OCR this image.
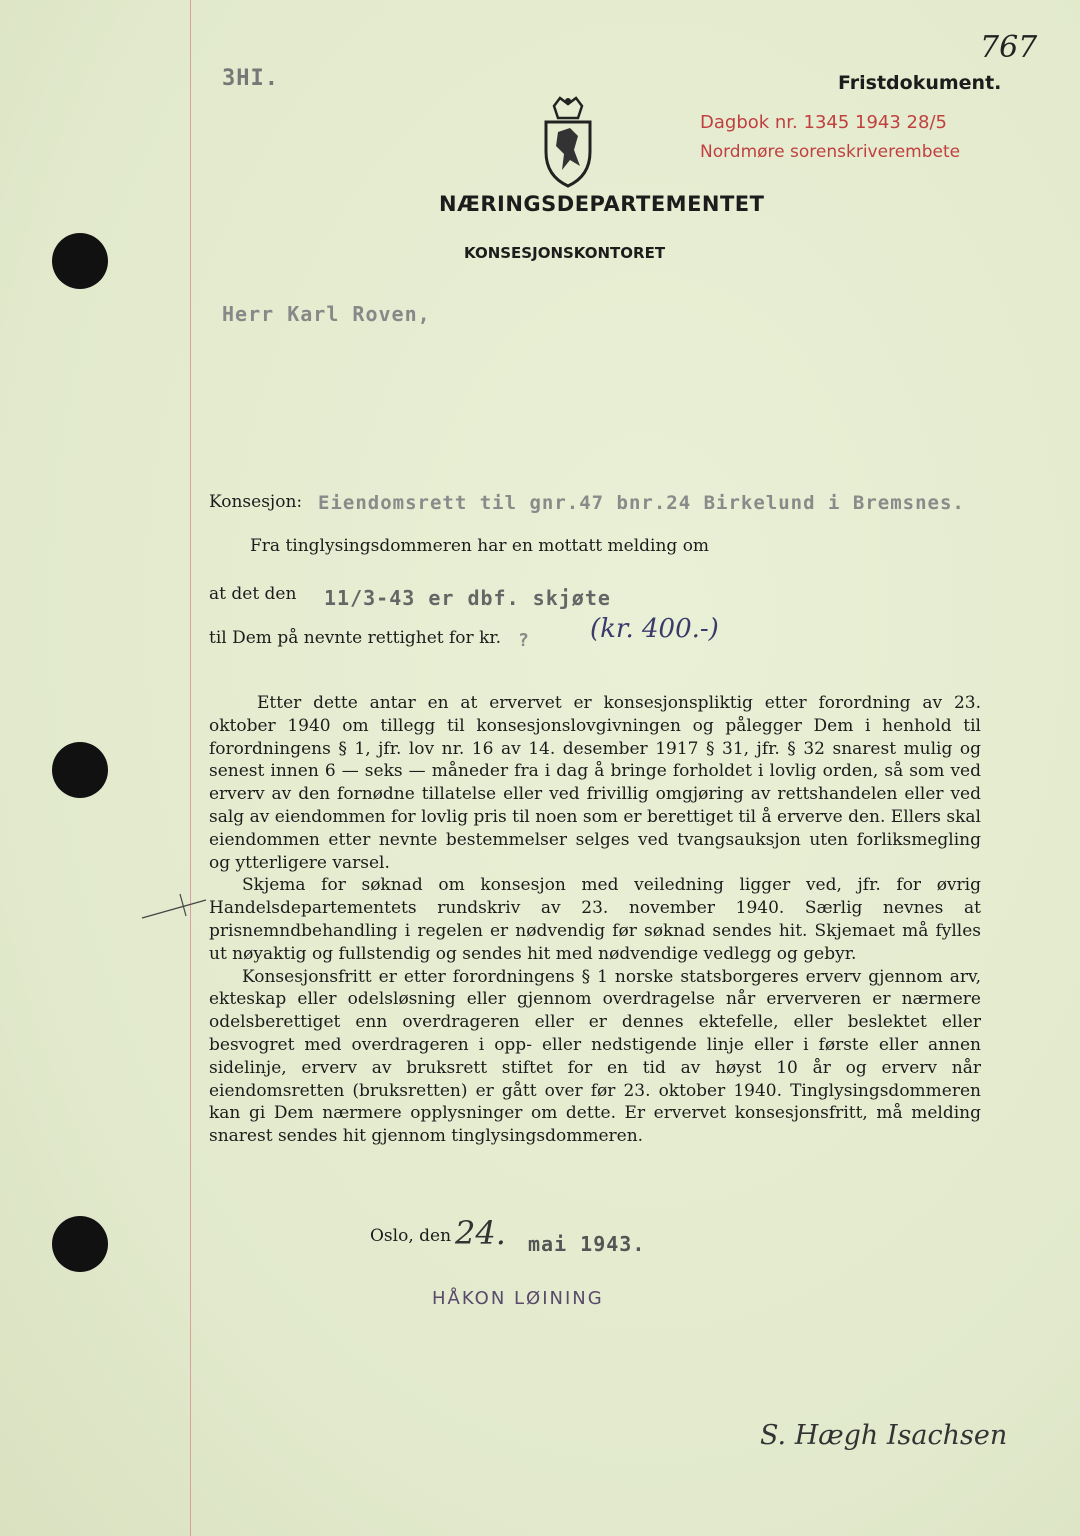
3HI.
767
Fristdokument.
Dagbok nr. 1345 1943 28/5
Nordmøre sorenskriverembete
NÆRINGSDEPARTEMENTET
KONSESJONSKONTORET
Herr Karl Roven,
Konsesjon: Eiendomsrett til gnr.47 bnr.24 Birkelund i Bremsnes.
Fra tinglysingsdommeren har en mottatt melding om
at det den 11/3-43 er dbf. skjøte
til Dem på nevnte rettighet for kr. ? (kr. 400.-)

Etter dette antar en at ervervet er konsesjonspliktig etter forordning av 23. oktober 1940 om tillegg til konsesjonslovgivningen og pålegger Dem i henhold til forordningens § 1, jfr. lov nr. 16 av 14. desember 1917 § 31, jfr. § 32 snarest mulig og senest innen 6 — seks — måneder fra i dag å bringe forholdet i lovlig orden, så som ved erverv av den fornødne tillatelse eller ved frivillig omgjøring av rettshandelen eller ved salg av eiendommen for lovlig pris til noen som er berettiget til å erverve den. Ellers skal eiendommen etter nevnte bestemmelser selges ved tvangsauksjon uten forliksmegling og ytterligere varsel.

Skjema for søknad om konsesjon med veiledning ligger ved, jfr. for øvrig Handelsdepartementets rundskriv av 23. november 1940. Særlig nevnes at prisnemndbehandling i regelen er nødvendig før søknad sendes hit. Skjemaet må fylles ut nøyaktig og fullstendig og sendes hit med nødvendige vedlegg og gebyr.

Konsesjonsfritt er etter forordningens § 1 norske statsborgeres erverv gjennom arv, ekteskap eller odelsløsning eller gjennom overdragelse når erververen er nærmere odelsberettiget enn overdrageren eller er dennes ektefelle, eller beslektet eller besvogret med overdrageren i opp- eller nedstigende linje eller i første eller annen sidelinje, erverv av bruksrett stiftet for en tid av høyst 10 år og erverv når eiendomsretten (bruksretten) er gått over før 23. oktober 1940. Tinglysingsdommeren kan gi Dem nærmere opplysninger om dette. Er ervervet konsesjonsfritt, må melding snarest sendes hit gjennom tinglysingsdommeren.

Oslo, den 24. mai 1943.
HÅKON LØINING
S. Hægh Isachsen
